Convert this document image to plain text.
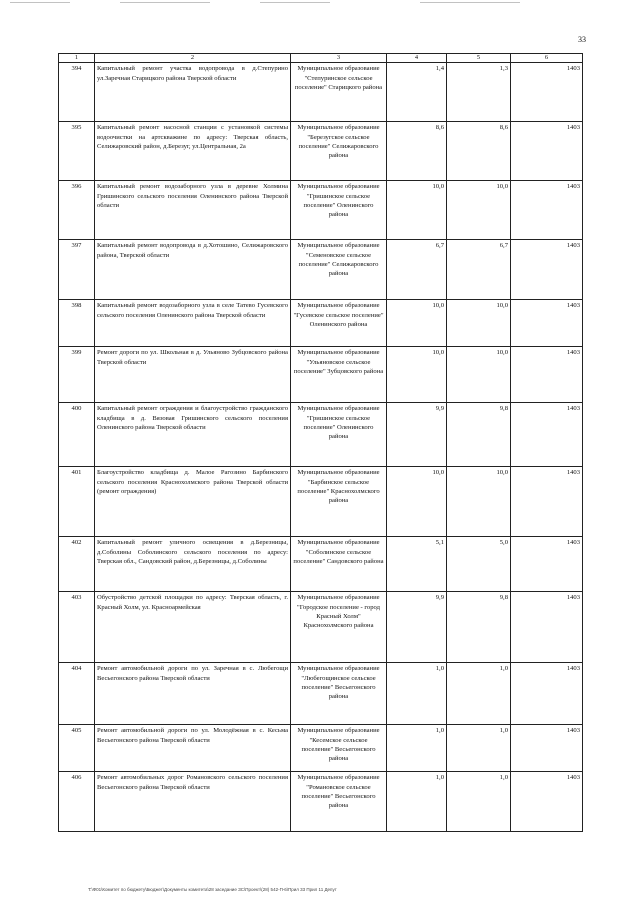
33
1	2	3	4	5	6
394	Капитальный ремонт участка водопровода в д.Степурино ул.Заречная Старицкого района Тверской области	Муниципальное образование "Степуринское сельское поселение" Старицкого района	1,4	1,3	1403
395	Капитальный ремонт насосной станции с установкой системы водоочистки на артскважине по адресу: Тверская область, Селижаровский район, д.Березуг, ул.Центральная, 2а	Муниципальное образование "Березугское сельское поселение" Селижаровского района	8,6	8,6	1403
396	Капитальный ремонт водозаборного узла в деревне Холмина Гришинского сельского поселения Оленинского района Тверской области	Муниципальное образование "Гришинское сельское поселение" Оленинского района	10,0	10,0	1403
397	Капитальный ремонт водопровода в д.Хотошино, Селижаровского района, Тверской области	Муниципальное образование "Семеновское сельское поселение" Селижаровского района	6,7	6,7	1403
398	Капитальный ремонт водозаборного узла в селе Татево Гусевского сельского поселения Оленинского района Тверской области	Муниципальное образование "Гусевское сельское поселение" Оленинского района	10,0	10,0	1403
399	Ремонт дороги по ул. Школьная в д. Ульяново Зубцовского района Тверской области	Муниципальное образование "Ульяновское сельское поселение" Зубцовского района	10,0	10,0	1403
400	Капитальный ремонт ограждения и благоустройство гражданского кладбища в д. Вязовая Гришинского сельского поселения Оленинского района Тверской области	Муниципальное образование "Гришинское сельское поселение" Оленинского района	9,9	9,8	1403
401	Благоустройство кладбища д. Малое Рагозино Барбинского сельского поселения Краснохолмского района Тверской области (ремонт ограждения)	Муниципальное образование "Барбинское сельское поселение" Краснохолмского района	10,0	10,0	1403
402	Капитальный ремонт уличного освещения в д.Березницы, д.Соболины Соболинского сельского поселения по адресу: Тверская обл., Сандовский район, д.Березницы, д.Соболины	Муниципальное образование "Соболинское сельское поселение" Сандовского района	5,1	5,0	1403
403	Обустройство детской площадки по адресу: Тверская область, г. Красный Холм, ул. Красноармейская	Муниципальное образование "Городское поселение - город Красный Холм" Краснохолмского района	9,9	9,8	1403
404	Ремонт автомобильной дороги по ул. Заречная в с. Любегощи Весьегонского района Тверской области	Муниципальное образование "Любегощинское сельское поселение" Весьегонского района	1,0	1,0	1403
405	Ремонт автомобильной дороги по ул. Молодёжная в с. Кесьма Весьегонского района Тверской области	Муниципальное образование "Кесемское сельское поселение" Весьегонского района	1,0	1,0	1403
406	Ремонт автомобильных дорог Романовского сельского поселения Весьегонского района Тверской области	Муниципальное образование "Романовское сельское поселение" Весьегонского района	1,0	1,0	1403
T:\Ф01\Комитет по бюджету\Бюджет\Документы комитета\28 заседание ЗС\Проект\(28) 542-П-6\Прил 33 Прил 11 Депут
